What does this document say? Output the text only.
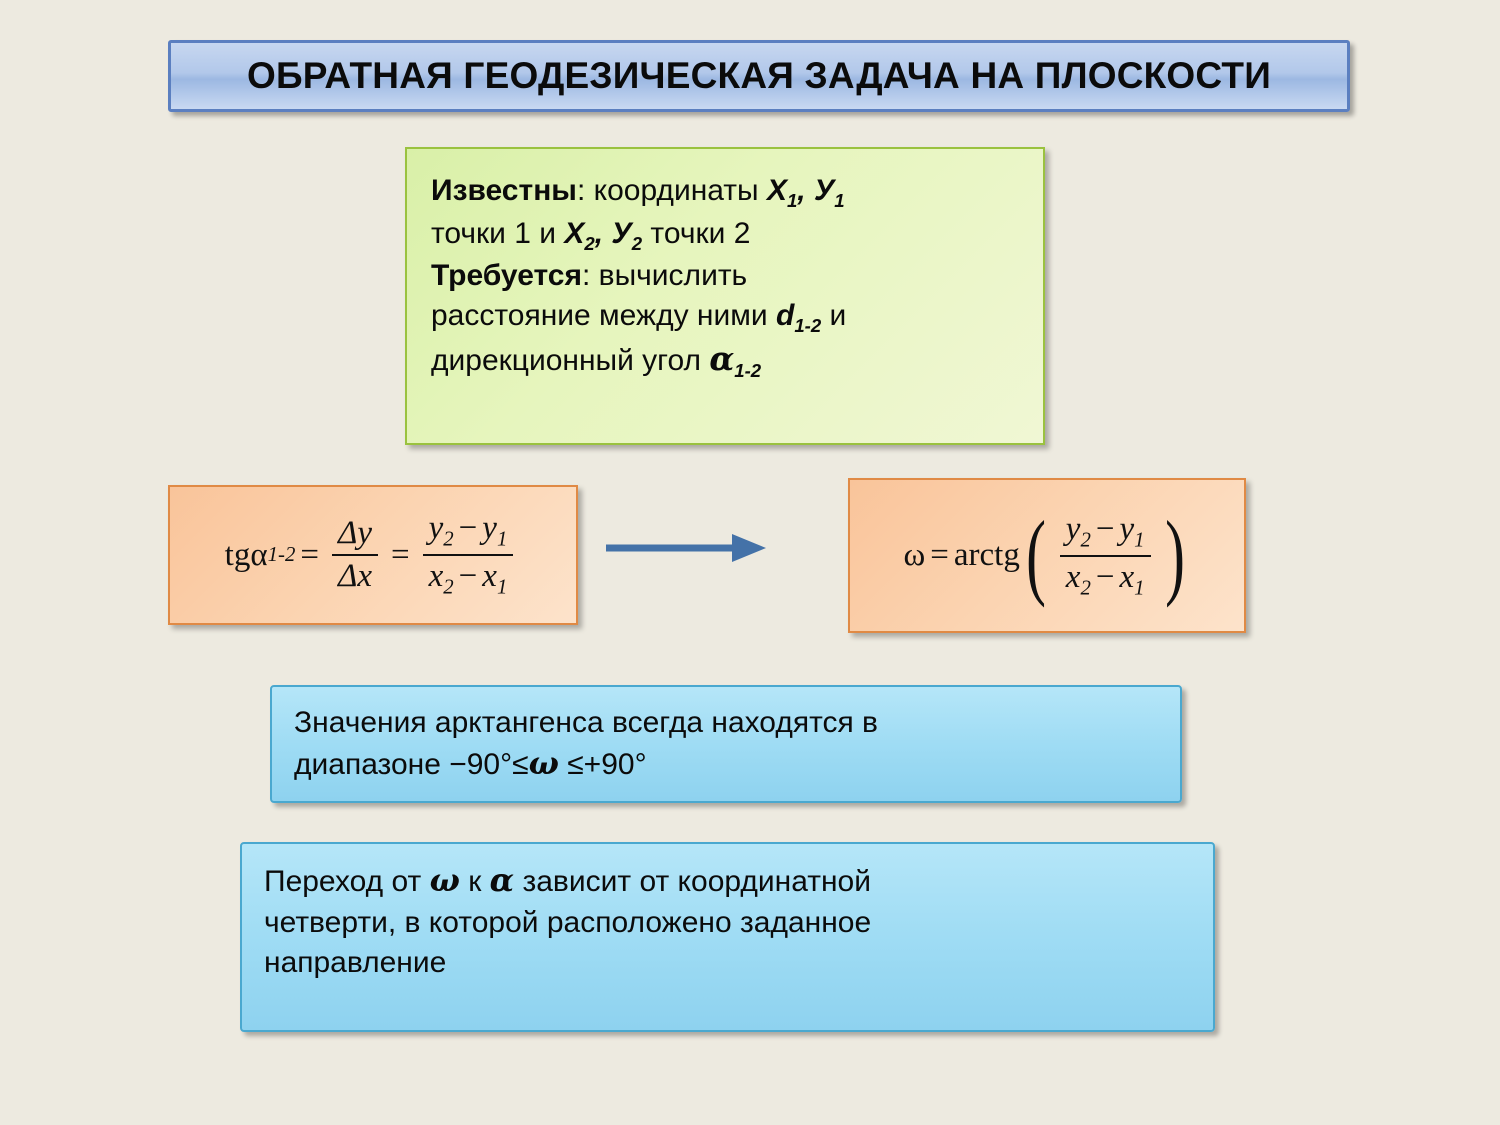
ОБРАТНАЯ ГЕОДЕЗИЧЕСКАЯ ЗАДАЧА НА ПЛОСКОСТИ

Известны: координаты $Х_1$, $У_1$

точки 1 и $Х_2$, $У_2$ точки 2

Требуется: вычислить

расстояние между ними $d_{1-2}$ и

дирекционный угол $\alpha_{1-2}$

tgα $1-2 = \frac{\Delta y}{\Delta x} = \frac{y_2 - y_1}{x_2 - x_1}$	ω = arctg ( $\frac{y_2 - y_1}{x_2 - x_1}$ )

Значения арктангенса всегда находятся в

диапазоне −90°≤ω ≤+90°

Переход от ω к α зависит от координатной

четверти, в которой расположено заданное

направление
